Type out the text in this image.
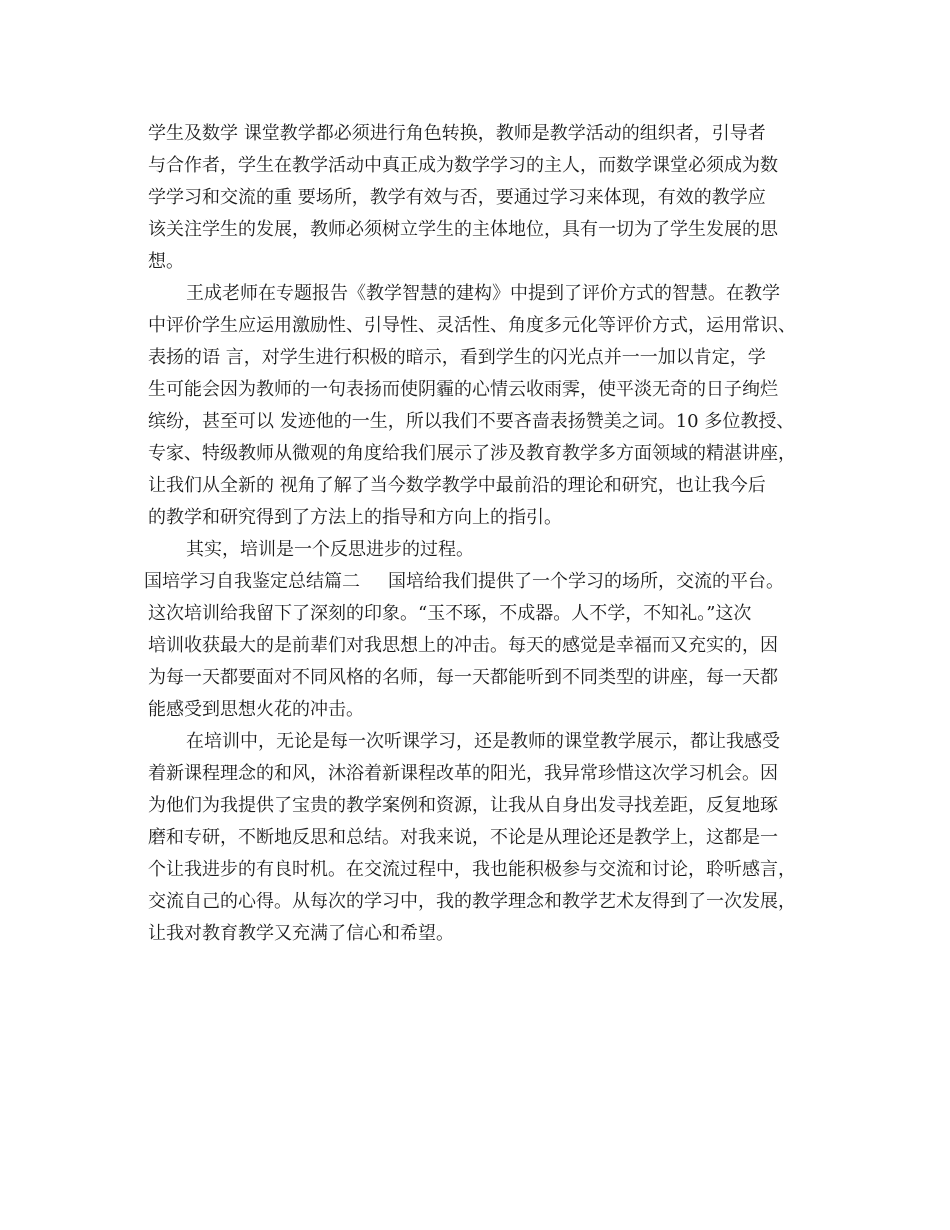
学生及数学 课堂教学都必须进行角色转换，教师是教学活动的组织者，引导者
与合作者，学生在教学活动中真正成为数学学习的主人，而数学课堂必须成为数
学学习和交流的重 要场所，教学有效与否，要通过学习来体现，有效的教学应
该关注学生的发展，教师必须树立学生的主体地位，具有一切为了学生发展的思
想。
王成老师在专题报告《教学智慧的建构》中提到了评价方式的智慧。在教学
中评价学生应运用激励性、引导性、灵活性、角度多元化等评价方式，运用常识、
表扬的语 言，对学生进行积极的暗示，看到学生的闪光点并一一加以肯定，学
生可能会因为教师的一句表扬而使阴霾的心情云收雨霁，使平淡无奇的日子绚烂
缤纷，甚至可以 发迹他的一生，所以我们不要吝啬表扬赞美之词。10 多位教授、
专家、特级教师从微观的角度给我们展示了涉及教育教学多方面领域的精湛讲座，
让我们从全新的 视角了解了当今数学教学中最前沿的理论和研究，也让我今后
的教学和研究得到了方法上的指导和方向上的指引。
其实，培训是一个反思进步的过程。
国培学习自我鉴定总结篇二 国培给我们提供了一个学习的场所，交流的平台。
这次培训给我留下了深刻的印象。“玉不琢，不成器。人不学，不知礼。”这次
培训收获最大的是前辈们对我思想上的冲击。每天的感觉是幸福而又充实的，因
为每一天都要面对不同风格的名师，每一天都能听到不同类型的讲座，每一天都
能感受到思想火花的冲击。
在培训中，无论是每一次听课学习，还是教师的课堂教学展示，都让我感受
着新课程理念的和风，沐浴着新课程改革的阳光，我异常珍惜这次学习机会。因
为他们为我提供了宝贵的教学案例和资源，让我从自身出发寻找差距，反复地琢
磨和专研，不断地反思和总结。对我来说，不论是从理论还是教学上，这都是一
个让我进步的有良时机。在交流过程中，我也能积极参与交流和讨论，聆听感言，
交流自己的心得。从每次的学习中，我的教学理念和教学艺术友得到了一次发展，
让我对教育教学又充满了信心和希望。
